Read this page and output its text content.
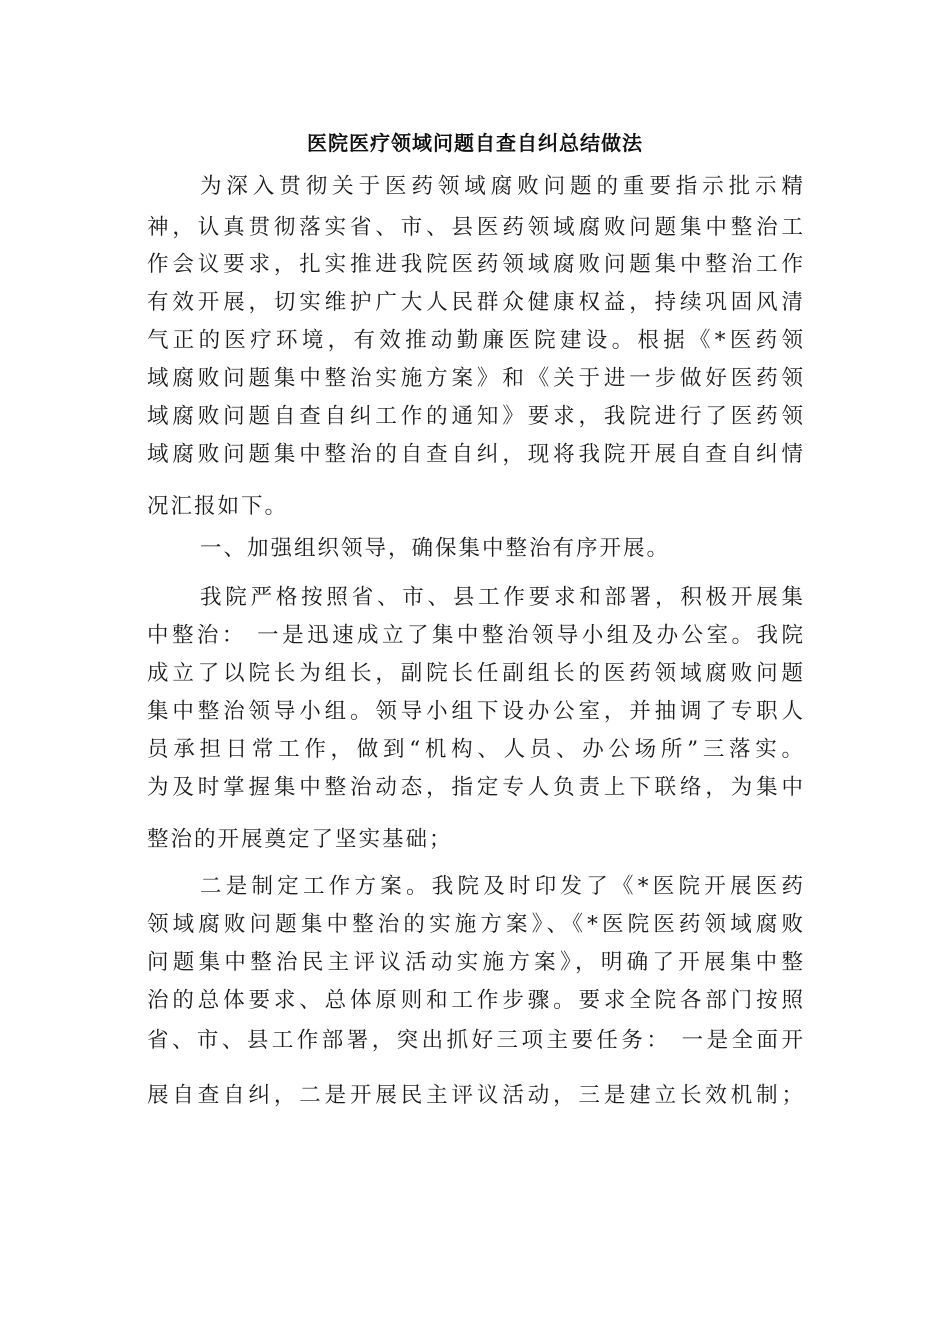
医院医疗领域问题自查自纠总结做法
为深入贯彻关于医药领域腐败问题的重要指示批示精
神，认真贯彻落实省、市、县医药领域腐败问题集中整治工
作会议要求，扎实推进我院医药领域腐败问题集中整治工作
有效开展，切实维护广大人民群众健康权益，持续巩固风清
气正的医疗环境，有效推动勤廉医院建设。根据《*医药领
域腐败问题集中整治实施方案》和《关于进一步做好医药领
域腐败问题自查自纠工作的通知》要求，我院进行了医药领
域腐败问题集中整治的自查自纠，现将我院开展自查自纠情
况汇报如下。
一、加强组织领导，确保集中整治有序开展。
我院严格按照省、市、县工作要求和部署，积极开展集
中整治： 一是迅速成立了集中整治领导小组及办公室。我院
成立了以院长为组长，副院长任副组长的医药领域腐败问题
集中整治领导小组。领导小组下设办公室，并抽调了专职人
员承担日常工作，做到“机构、人员、办公场所”三落实。
为及时掌握集中整治动态，指定专人负责上下联络，为集中
整治的开展奠定了坚实基础；
二是制定工作方案。我院及时印发了《*医院开展医药
领域腐败问题集中整治的实施方案》、《*医院医药领域腐败
问题集中整治民主评议活动实施方案》，明确了开展集中整
治的总体要求、总体原则和工作步骤。要求全院各部门按照
省、市、县工作部署，突出抓好三项主要任务： 一是全面开
展自查自纠，二是开展民主评议活动，三是建立长效机制；
